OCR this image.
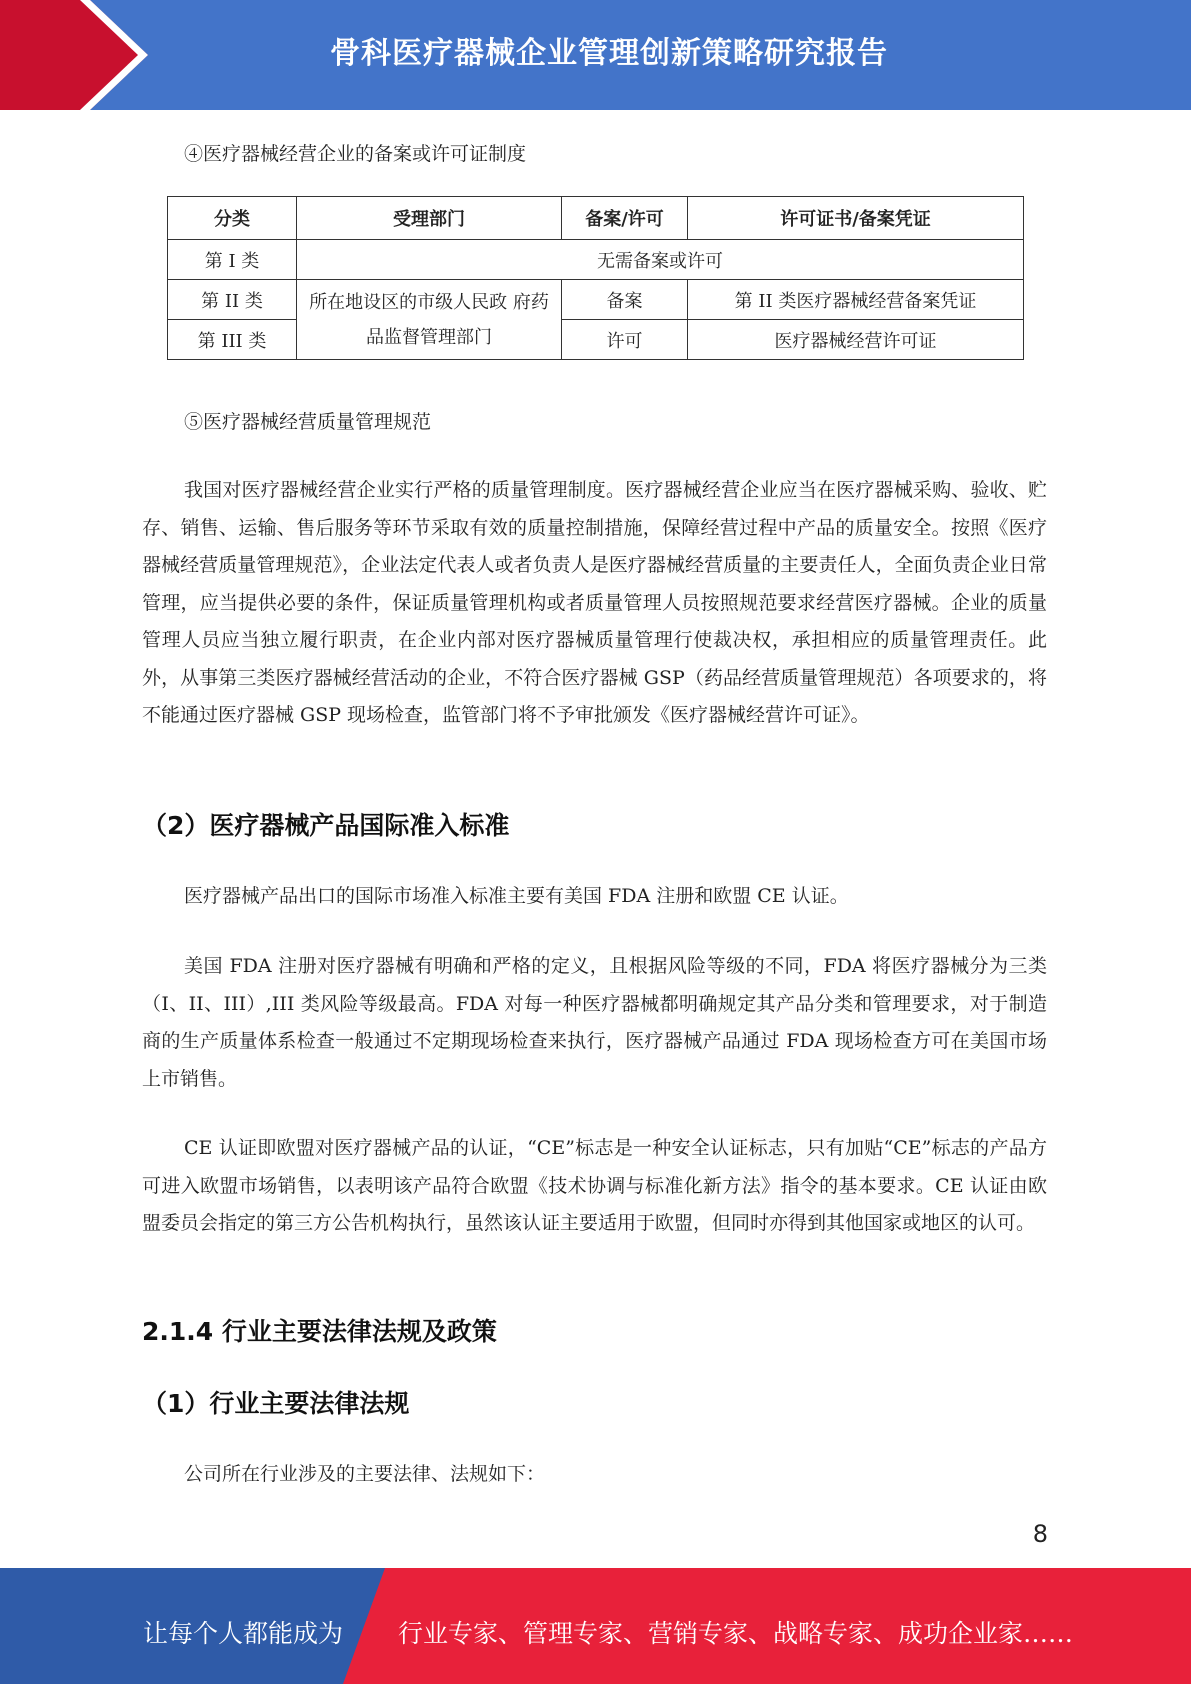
骨科医疗器械企业管理创新策略研究报告

④医疗器械经营企业的备案或许可证制度

分类	受理部门	备案/许可	许可证书/备案凭证
第 I 类	无需备案或许可		
第 II 类	所在地设区的市级人民政 府药品监督管理部门	备案	第 II 类医疗器械经营备案凭证
第 III 类		许可	医疗器械经营许可证

⑤医疗器械经营质量管理规范

我国对医疗器械经营企业实行严格的质量管理制度。医疗器械经营企业应当在医疗器械采购、验收、贮存、销售、运输、售后服务等环节采取有效的质量控制措施，保障经营过程中产品的质量安全。按照《医疗器械经营质量管理规范》，企业法定代表人或者负责人是医疗器械经营质量的主要责任人，全面负责企业日常管理，应当提供必要的条件，保证质量管理机构或者质量管理人员按照规范要求经营医疗器械。企业的质量管理人员应当独立履行职责，在企业内部对医疗器械质量管理行使裁决权，承担相应的质量管理责任。此外，从事第三类医疗器械经营活动的企业，不符合医疗器械 GSP（药品经营质量管理规范）各项要求的，将不能通过医疗器械 GSP 现场检查，监管部门将不予审批颁发《医疗器械经营许可证》。

（2）医疗器械产品国际准入标准

医疗器械产品出口的国际市场准入标准主要有美国 FDA 注册和欧盟 CE 认证。

美国 FDA 注册对医疗器械有明确和严格的定义，且根据风险等级的不同，FDA 将医疗器械分为三类（I、II、III）,III 类风险等级最高。FDA 对每一种医疗器械都明确规定其产品分类和管理要求，对于制造商的生产质量体系检查一般通过不定期现场检查来执行，医疗器械产品通过 FDA 现场检查方可在美国市场上市销售。

CE 认证即欧盟对医疗器械产品的认证，“CE”标志是一种安全认证标志，只有加贴“CE”标志的产品方可进入欧盟市场销售，以表明该产品符合欧盟《技术协调与标准化新方法》指令的基本要求。CE 认证由欧盟委员会指定的第三方公告机构执行，虽然该认证主要适用于欧盟，但同时亦得到其他国家或地区的认可。

2.1.4 行业主要法律法规及政策
（1）行业主要法律法规

公司所在行业涉及的主要法律、法规如下：

8
让每个人都能成为 行业专家、管理专家、营销专家、战略专家、成功企业家……
